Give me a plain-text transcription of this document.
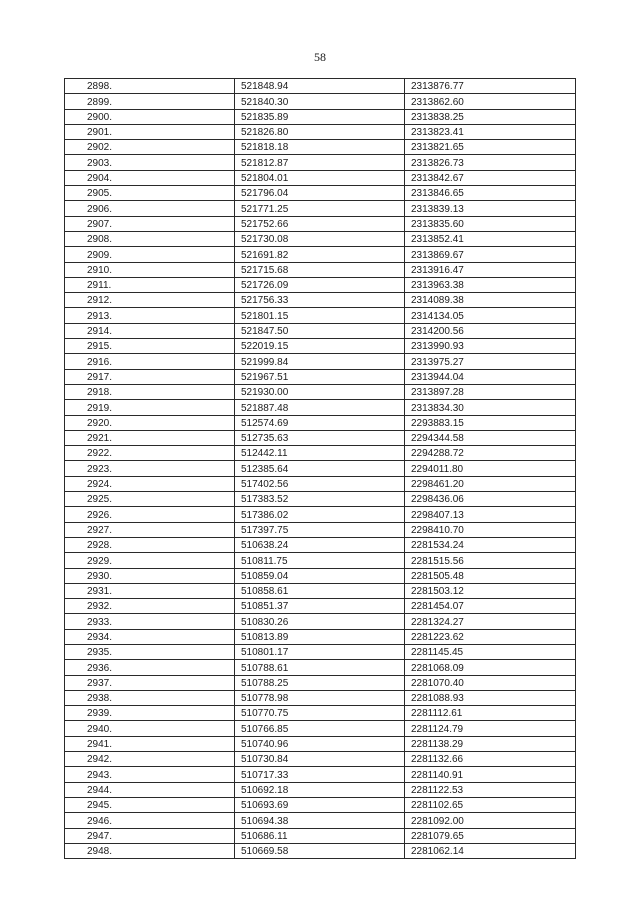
58
2898.	521848.94	2313876.77
2899.	521840.30	2313862.60
2900.	521835.89	2313838.25
2901.	521826.80	2313823.41
2902.	521818.18	2313821.65
2903.	521812.87	2313826.73
2904.	521804.01	2313842.67
2905.	521796.04	2313846.65
2906.	521771.25	2313839.13
2907.	521752.66	2313835.60
2908.	521730.08	2313852.41
2909.	521691.82	2313869.67
2910.	521715.68	2313916.47
2911.	521726.09	2313963.38
2912.	521756.33	2314089.38
2913.	521801.15	2314134.05
2914.	521847.50	2314200.56
2915.	522019.15	2313990.93
2916.	521999.84	2313975.27
2917.	521967.51	2313944.04
2918.	521930.00	2313897.28
2919.	521887.48	2313834.30
2920.	512574.69	2293883.15
2921.	512735.63	2294344.58
2922.	512442.11	2294288.72
2923.	512385.64	2294011.80
2924.	517402.56	2298461.20
2925.	517383.52	2298436.06
2926.	517386.02	2298407.13
2927.	517397.75	2298410.70
2928.	510638.24	2281534.24
2929.	510811.75	2281515.56
2930.	510859.04	2281505.48
2931.	510858.61	2281503.12
2932.	510851.37	2281454.07
2933.	510830.26	2281324.27
2934.	510813.89	2281223.62
2935.	510801.17	2281145.45
2936.	510788.61	2281068.09
2937.	510788.25	2281070.40
2938.	510778.98	2281088.93
2939.	510770.75	2281112.61
2940.	510766.85	2281124.79
2941.	510740.96	2281138.29
2942.	510730.84	2281132.66
2943.	510717.33	2281140.91
2944.	510692.18	2281122.53
2945.	510693.69	2281102.65
2946.	510694.38	2281092.00
2947.	510686.11	2281079.65
2948.	510669.58	2281062.14
